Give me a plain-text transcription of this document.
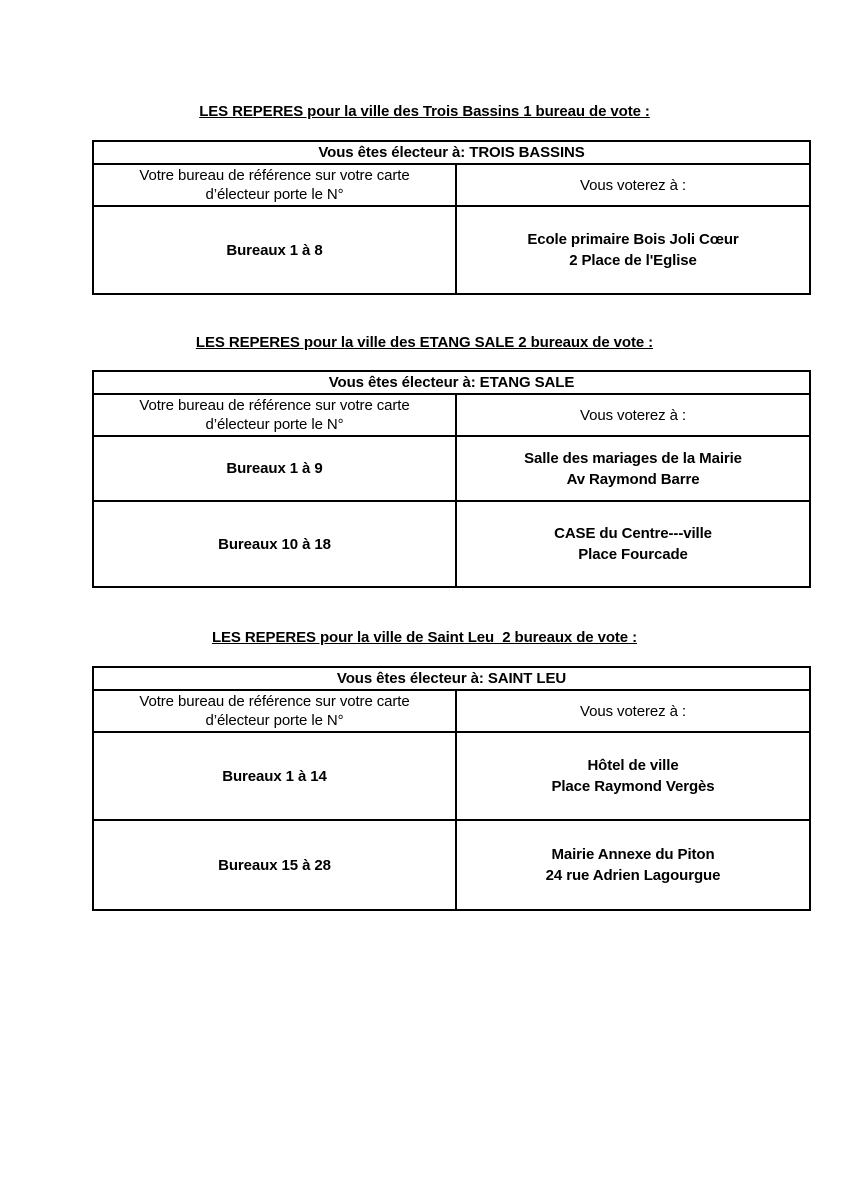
LES REPERES pour la ville des Trois Bassins 1 bureau de vote :
Vous êtes électeur à: TROIS BASSINS	

Votre bureau de référence sur votre carte
d’électeur porte le N°	Vous voterez à :
Bureaux 1 à 8	Ecole primaire Bois Joli Cœur
2 Place de l'Eglise
LES REPERES pour la ville des ETANG SALE 2 bureaux de vote :
Vous êtes électeur à: ETANG SALE	

Votre bureau de référence sur votre carte
d’électeur porte le N°	Vous voterez à :
Bureaux 1 à 9	Salle des mariages de la Mairie
Av Raymond Barre

Bureaux 10 à 18	CASE du Centre---ville
Place Fourcade
LES REPERES pour la ville de Saint Leu  2 bureaux de vote :
Vous êtes électeur à: SAINT LEU	

Votre bureau de référence sur votre carte
d’électeur porte le N°	Vous voterez à :
Bureaux 1 à 14	Hôtel de ville
Place Raymond Vergès

Bureaux 15 à 28	Mairie Annexe du Piton
24 rue Adrien Lagourgue
